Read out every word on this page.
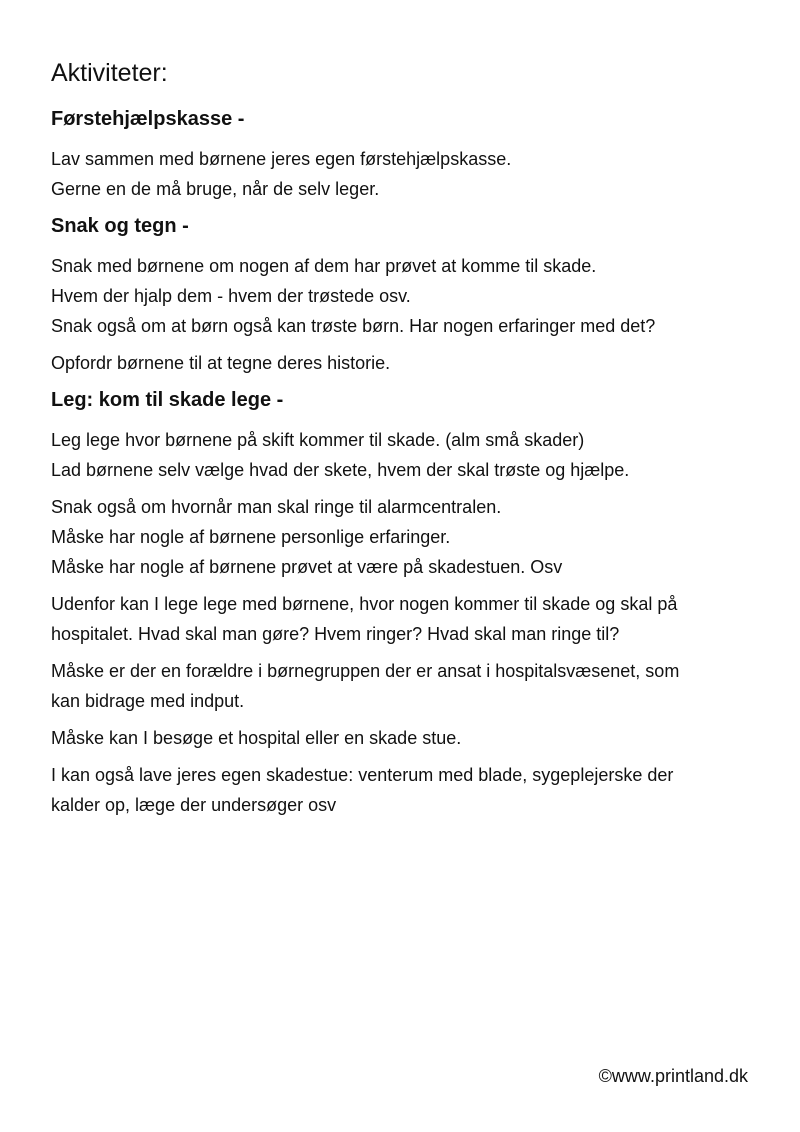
Aktiviteter:
Førstehjælpskasse -

Lav sammen med børnene jeres egen førstehjælpskasse.
Gerne en de må bruge, når de selv leger.

Snak og tegn -

Snak med børnene om nogen af dem har prøvet at komme til skade.
Hvem der hjalp dem - hvem der trøstede osv.
Snak også om at børn også kan trøste børn. Har nogen erfaringer med det?

Opfordr børnene til at tegne deres historie.

Leg: kom til skade lege -

Leg lege hvor børnene på skift kommer til skade. (alm små skader)
Lad børnene selv vælge hvad der skete, hvem der skal trøste og hjælpe.

Snak også om hvornår man skal ringe til alarmcentralen.
Måske har nogle af børnene personlige erfaringer.
Måske har nogle af børnene prøvet at være på skadestuen. Osv

Udenfor kan I lege lege med børnene, hvor nogen kommer til skade og skal på
hospitalet. Hvad skal man gøre? Hvem ringer? Hvad skal man ringe til?

Måske er der en forældre i børnegruppen der er ansat i hospitalsvæsenet, som
kan bidrage med indput.

Måske kan I besøge et hospital eller en skade stue.

I kan også lave jeres egen skadestue: venterum med blade, sygeplejerske der
kalder op, læge der undersøger osv

©www.printland.dk
